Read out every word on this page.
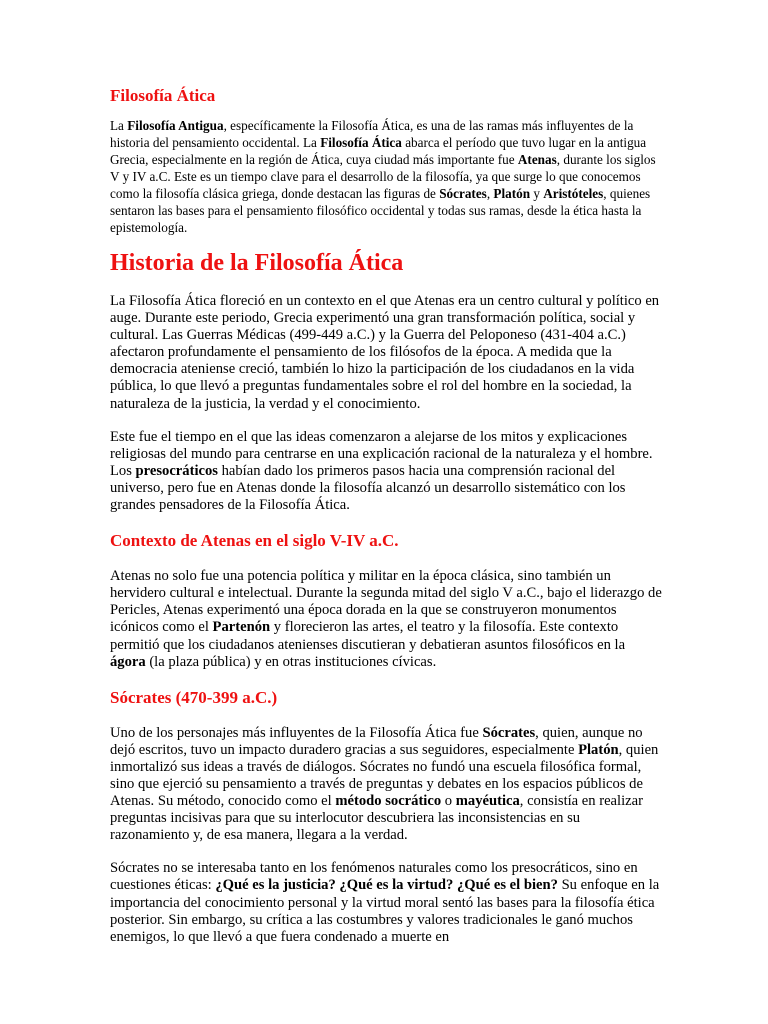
Filosofía Ática

La Filosofía Antigua, específicamente la Filosofía Ática, es una de las ramas más influyentes de la historia del pensamiento occidental. La Filosofía Ática abarca el período que tuvo lugar en la antigua Grecia, especialmente en la región de Ática, cuya ciudad más importante fue Atenas, durante los siglos V y IV a.C. Este es un tiempo clave para el desarrollo de la filosofía, ya que surge lo que conocemos como la filosofía clásica griega, donde destacan las figuras de Sócrates, Platón y Aristóteles, quienes sentaron las bases para el pensamiento filosófico occidental y todas sus ramas, desde la ética hasta la epistemología.

Historia de la Filosofía Ática

La Filosofía Ática floreció en un contexto en el que Atenas era un centro cultural y político en auge. Durante este periodo, Grecia experimentó una gran transformación política, social y cultural. Las Guerras Médicas (499-449 a.C.) y la Guerra del Peloponeso (431-404 a.C.) afectaron profundamente el pensamiento de los filósofos de la época. A medida que la democracia ateniense creció, también lo hizo la participación de los ciudadanos en la vida pública, lo que llevó a preguntas fundamentales sobre el rol del hombre en la sociedad, la naturaleza de la justicia, la verdad y el conocimiento.

Este fue el tiempo en el que las ideas comenzaron a alejarse de los mitos y explicaciones religiosas del mundo para centrarse en una explicación racional de la naturaleza y el hombre. Los presocráticos habían dado los primeros pasos hacia una comprensión racional del universo, pero fue en Atenas donde la filosofía alcanzó un desarrollo sistemático con los grandes pensadores de la Filosofía Ática.

Contexto de Atenas en el siglo V-IV a.C.

Atenas no solo fue una potencia política y militar en la época clásica, sino también un hervidero cultural e intelectual. Durante la segunda mitad del siglo V a.C., bajo el liderazgo de Pericles, Atenas experimentó una época dorada en la que se construyeron monumentos icónicos como el Partenón y florecieron las artes, el teatro y la filosofía. Este contexto permitió que los ciudadanos atenienses discutieran y debatieran asuntos filosóficos en la ágora (la plaza pública) y en otras instituciones cívicas.

Sócrates (470-399 a.C.)

Uno de los personajes más influyentes de la Filosofía Ática fue Sócrates, quien, aunque no dejó escritos, tuvo un impacto duradero gracias a sus seguidores, especialmente Platón, quien inmortalizó sus ideas a través de diálogos. Sócrates no fundó una escuela filosófica formal, sino que ejerció su pensamiento a través de preguntas y debates en los espacios públicos de Atenas. Su método, conocido como el método socrático o mayéutica, consistía en realizar preguntas incisivas para que su interlocutor descubriera las inconsistencias en su razonamiento y, de esa manera, llegara a la verdad.

Sócrates no se interesaba tanto en los fenómenos naturales como los presocráticos, sino en cuestiones éticas: ¿Qué es la justicia? ¿Qué es la virtud? ¿Qué es el bien? Su enfoque en la importancia del conocimiento personal y la virtud moral sentó las bases para la filosofía ética posterior. Sin embargo, su crítica a las costumbres y valores tradicionales le ganó muchos enemigos, lo que llevó a que fuera condenado a muerte en
